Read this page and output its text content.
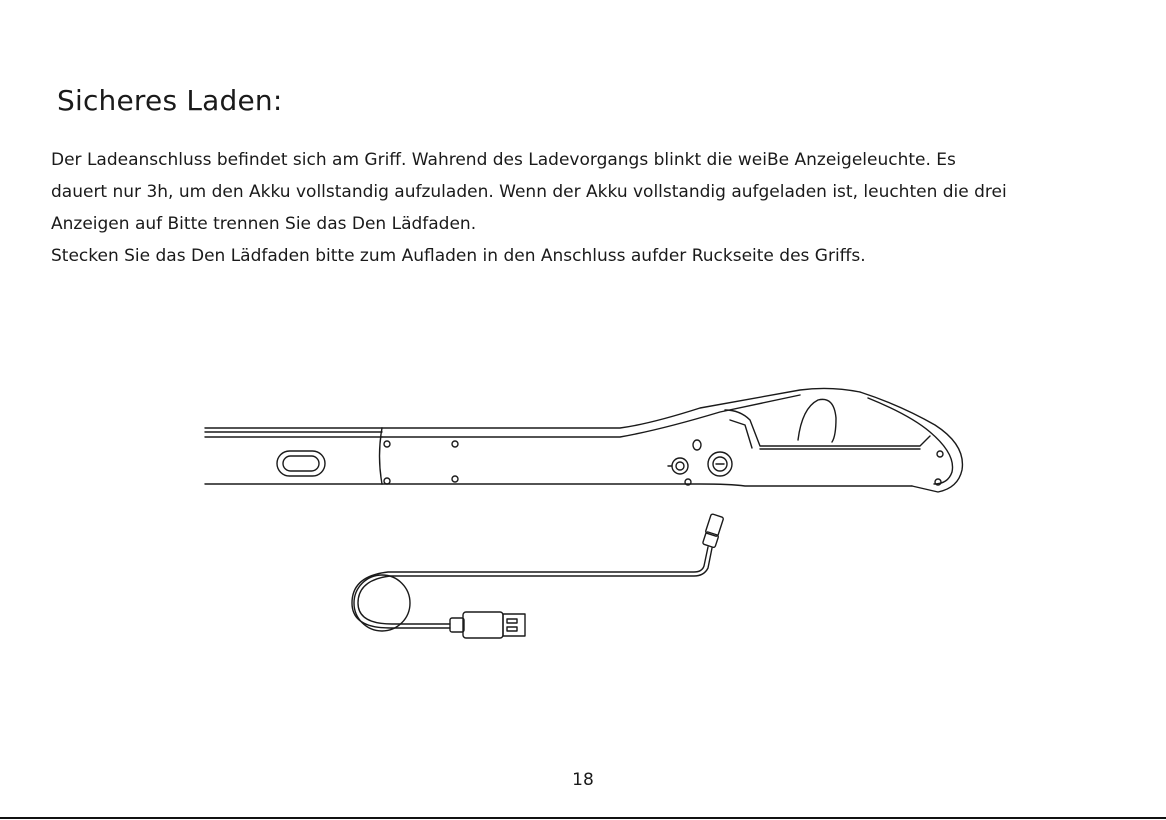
Sicheres Laden:

Der Ladeanschluss befindet sich am Griff. Wahrend des Ladevorgangs blinkt die weiBe Anzeigeleuchte. Es

dauert nur 3h, um den Akku vollstandig aufzuladen. Wenn der Akku vollstandig aufgeladen ist, leuchten die drei

Anzeigen auf Bitte trennen Sie das Den Lädfaden.

Stecken Sie das Den Lädfaden bitte zum Aufladen in den Anschluss aufder Ruckseite des Griffs.

18
